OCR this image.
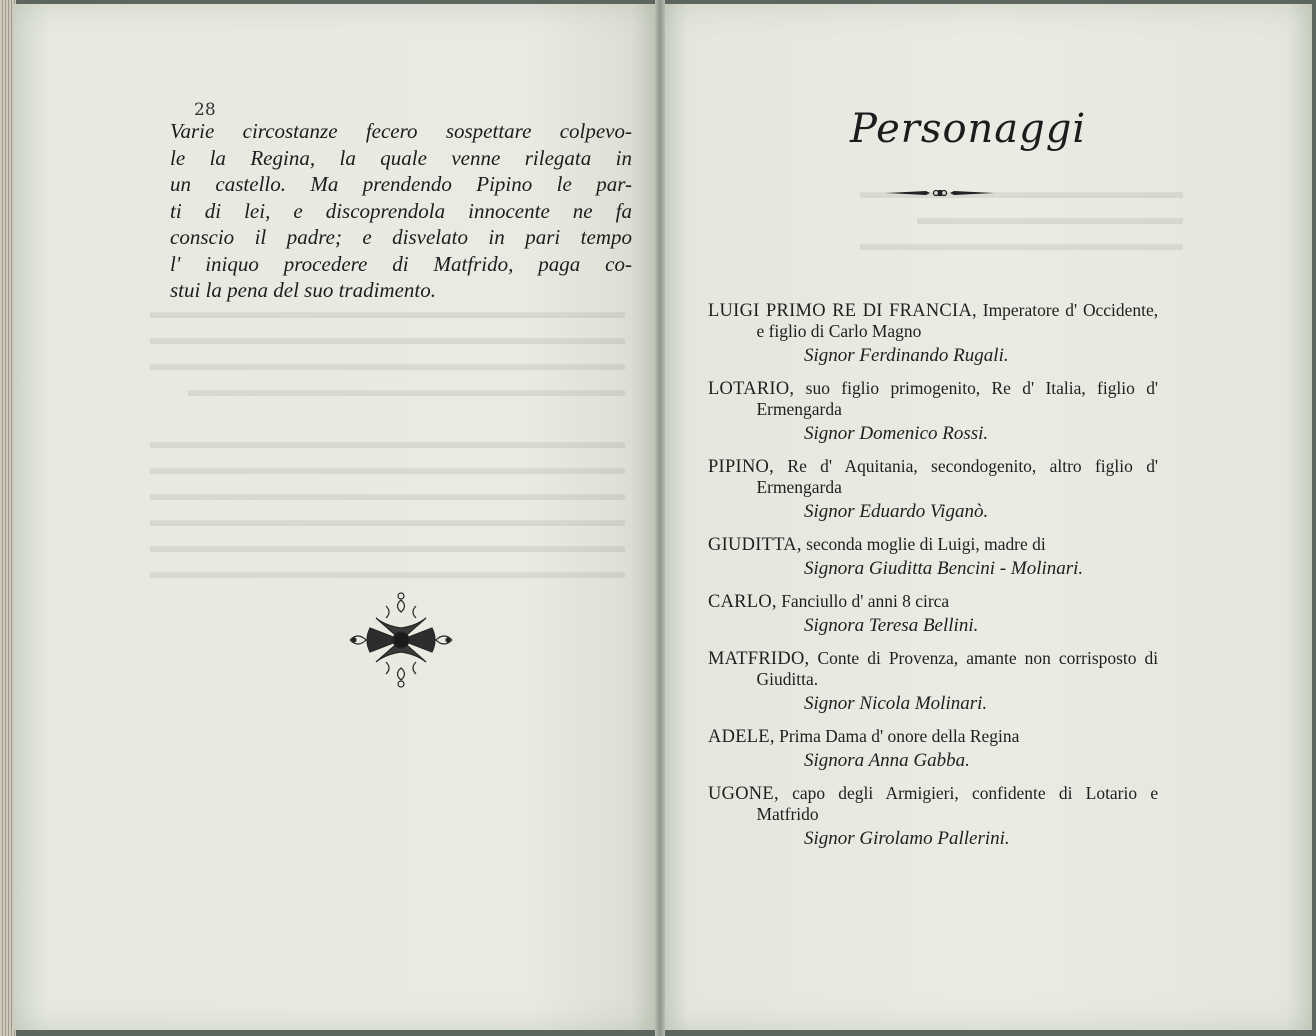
28
Varie circostanze fecero sospettare colpevo-
le la Regina, la quale venne rilegata in
un castello. Ma prendendo Pipino le par-
ti di lei, e discoprendola innocente ne fa
conscio il padre; e disvelato in pari tempo
l' iniquo procedere di Matfrido, paga co-
stui la pena del suo tradimento.
Personaggi
LUIGI PRIMO RE DI FRANCIA, Imperatore d' Occidente, e figlio di Carlo Magno
Signor Ferdinando Rugali.
LOTARIO, suo figlio primogenito, Re d' Italia, figlio d' Ermengarda
Signor Domenico Rossi.
PIPINO, Re d' Aquitania, secondogenito, altro figlio d' Ermengarda
Signor Eduardo Viganò.
GIUDITTA, seconda moglie di Luigi, madre di
Signora Giuditta Bencini - Molinari.
CARLO, Fanciullo d' anni 8 circa
Signora Teresa Bellini.
MATFRIDO, Conte di Provenza, amante non corrisposto di Giuditta.
Signor Nicola Molinari.
ADELE, Prima Dama d' onore della Regina
Signora Anna Gabba.
UGONE, capo degli Armigieri, confidente di Lotario e Matfrido
Signor Girolamo Pallerini.
